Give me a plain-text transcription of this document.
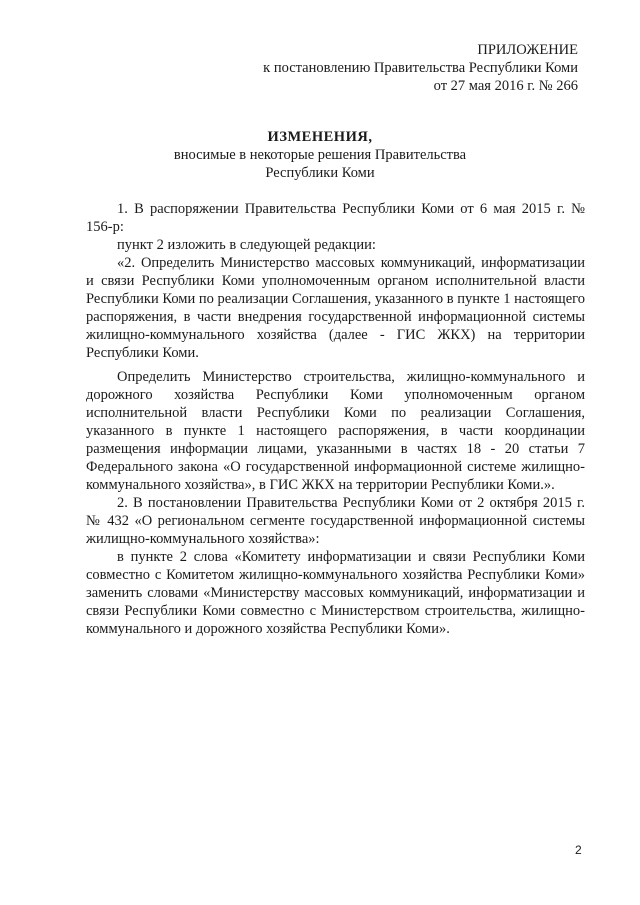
ПРИЛОЖЕНИЕ
к постановлению Правительства Республики Коми
от 27 мая 2016 г. № 266
ИЗМЕНЕНИЯ,
вносимые в некоторые решения Правительства
Республики Коми

1. В распоряжении Правительства Республики Коми от 6 мая 2015 г. № 156-р:

пункт 2 изложить в следующей редакции:

«2. Определить Министерство массовых коммуникаций, информатизации и связи Республики Коми уполномоченным органом исполнительной власти Республики Коми по реализации Соглашения, указанного в пункте 1 настоящего распоряжения, в части внедрения государственной информационной системы жилищно-коммунального хозяйства (далее - ГИС ЖКХ) на территории Республики Коми.

Определить Министерство строительства, жилищно-коммунального и дорожного хозяйства Республики Коми уполномоченным органом исполнительной власти Республики Коми по реализации Соглашения, указанного в пункте 1 настоящего распоряжения, в части координации размещения информации лицами, указанными в частях 18 - 20 статьи 7 Федерального закона «О государственной информационной системе жилищно-коммунального хозяйства», в ГИС ЖКХ на территории Республики Коми.».

2. В постановлении Правительства Республики Коми от 2 октября 2015 г. № 432 «О региональном сегменте государственной информационной системы жилищно-коммунального хозяйства»:

в пункте 2 слова «Комитету информатизации и связи Республики Коми совместно с Комитетом жилищно-коммунального хозяйства Республики Коми» заменить словами «Министерству массовых коммуникаций, информатизации и связи Республики Коми совместно с Министерством строительства, жилищно-коммунального и дорожного хозяйства Республики Коми».

2
